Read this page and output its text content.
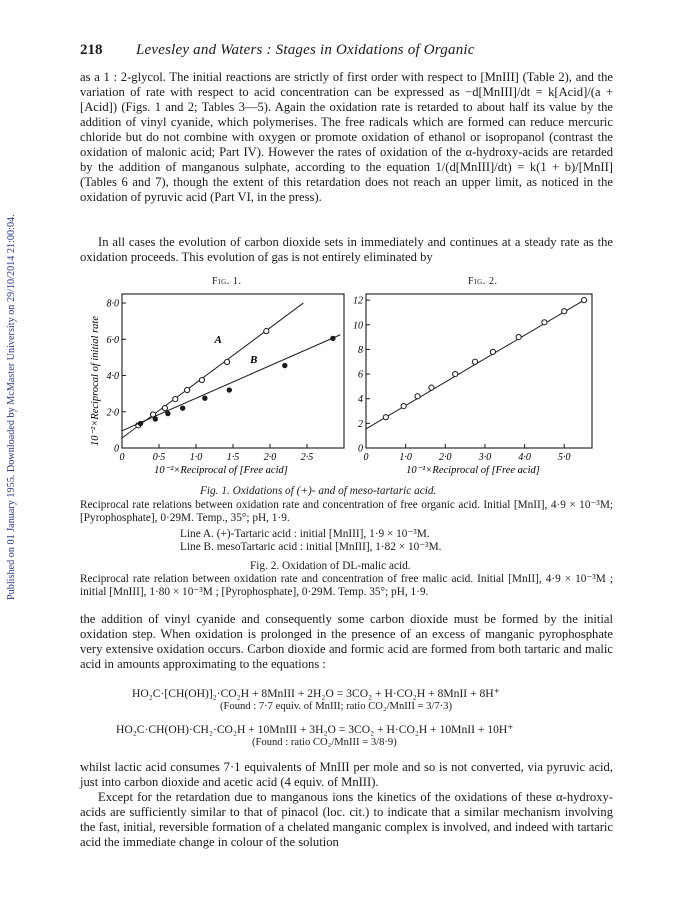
Published on 01 January 1955. Downloaded by McMaster University on 29/10/2014 21:00:04.
218 Levesley and Waters : Stages in Oxidations of Organic

as a 1 : 2-glycol. The initial reactions are strictly of first order with respect to [MnIII] (Table 2), and the variation of rate with respect to acid concentration can be expressed as −d[MnIII]/dt = k[Acid]/(a + [Acid]) (Figs. 1 and 2; Tables 3—5). Again the oxidation rate is retarded to about half its value by the addition of vinyl cyanide, which polymerises. The free radicals which are formed can reduce mercuric chloride but do not combine with oxygen or promote oxidation of ethanol or isopropanol (contrast the oxidation of malonic acid; Part IV). However the rates of oxidation of the α-hydroxy-acids are retarded by the addition of manganous sulphate, according to the equation 1/(d[MnIII]/dt) = k(1 + b)/[MnII] (Tables 6 and 7), though the extent of this retardation does not reach an upper limit, as noticed in the oxidation of pyruvic acid (Part VI, in the press).

In all cases the evolution of carbon dioxide sets in immediately and continues at a steady rate as the oxidation proceeds. This evolution of gas is not entirely eliminated by

Fig. 1.
0	0·5 1·0 1·5 2·0 2·5
0
2·0
4·0
6·0
8·0
A
B
10⁻²×Reciprocal of [Free acid]
10⁻²×Reciprocal of initial rate
Fig. 2.
0	1·0	2·0	3·0	4·0	5·0
0
2
4
6
8
10
12
10⁻¹×Reciprocal of [Free acid]
Fig. 1. Oxidations of (+)- and of meso-tartaric acid.
Reciprocal rate relations between oxidation rate and concentration of free organic acid. Initial [MnII], 4·9 × 10⁻³M; [Pyrophosphate], 0·29M. Temp., 35°; pH, 1·9.
Line A. (+)-Tartaric acid : initial [MnIII], 1·9 × 10⁻³M.
Line B. mesoTartaric acid : initial [MnIII], 1·82 × 10⁻³M.
Fig. 2. Oxidation of DL-malic acid.
Reciprocal rate relation between oxidation rate and concentration of free malic acid. Initial [MnII], 4·9 × 10⁻³M ; initial [MnIII], 1·80 × 10⁻³M ; [Pyrophosphate], 0·29M. Temp. 35°; pH, 1·9.

the addition of vinyl cyanide and consequently some carbon dioxide must be formed by the initial oxidation step. When oxidation is prolonged in the presence of an excess of manganic pyrophosphate very extensive oxidation occurs. Carbon dioxide and formic acid are formed from both tartaric and malic acid in amounts approximating to the equations :

HO₂C·[CH(OH)]₂·CO₂H + 8MnIII + 2H₂O = 3CO₂ + H·CO₂H + 8MnII + 8H⁺
(Found : 7·7 equiv. of MnIII; ratio CO₂/MnIII = 3/7·3)
HO₂C·CH(OH)·CH₂·CO₂H + 10MnIII + 3H₂O = 3CO₂ + H·CO₂H + 10MnII + 10H⁺
(Found : ratio CO₂/MnIII = 3/8·9)

whilst lactic acid consumes 7·1 equivalents of MnIII per mole and so is not converted, via pyruvic acid, just into carbon dioxide and acetic acid (4 equiv. of MnIII).

Except for the retardation due to manganous ions the kinetics of the oxidations of these α-hydroxy-acids are sufficiently similar to that of pinacol (loc. cit.) to indicate that a similar mechanism involving the fast, initial, reversible formation of a chelated manganic complex is involved, and indeed with tartaric acid the immediate change in colour of the solution
